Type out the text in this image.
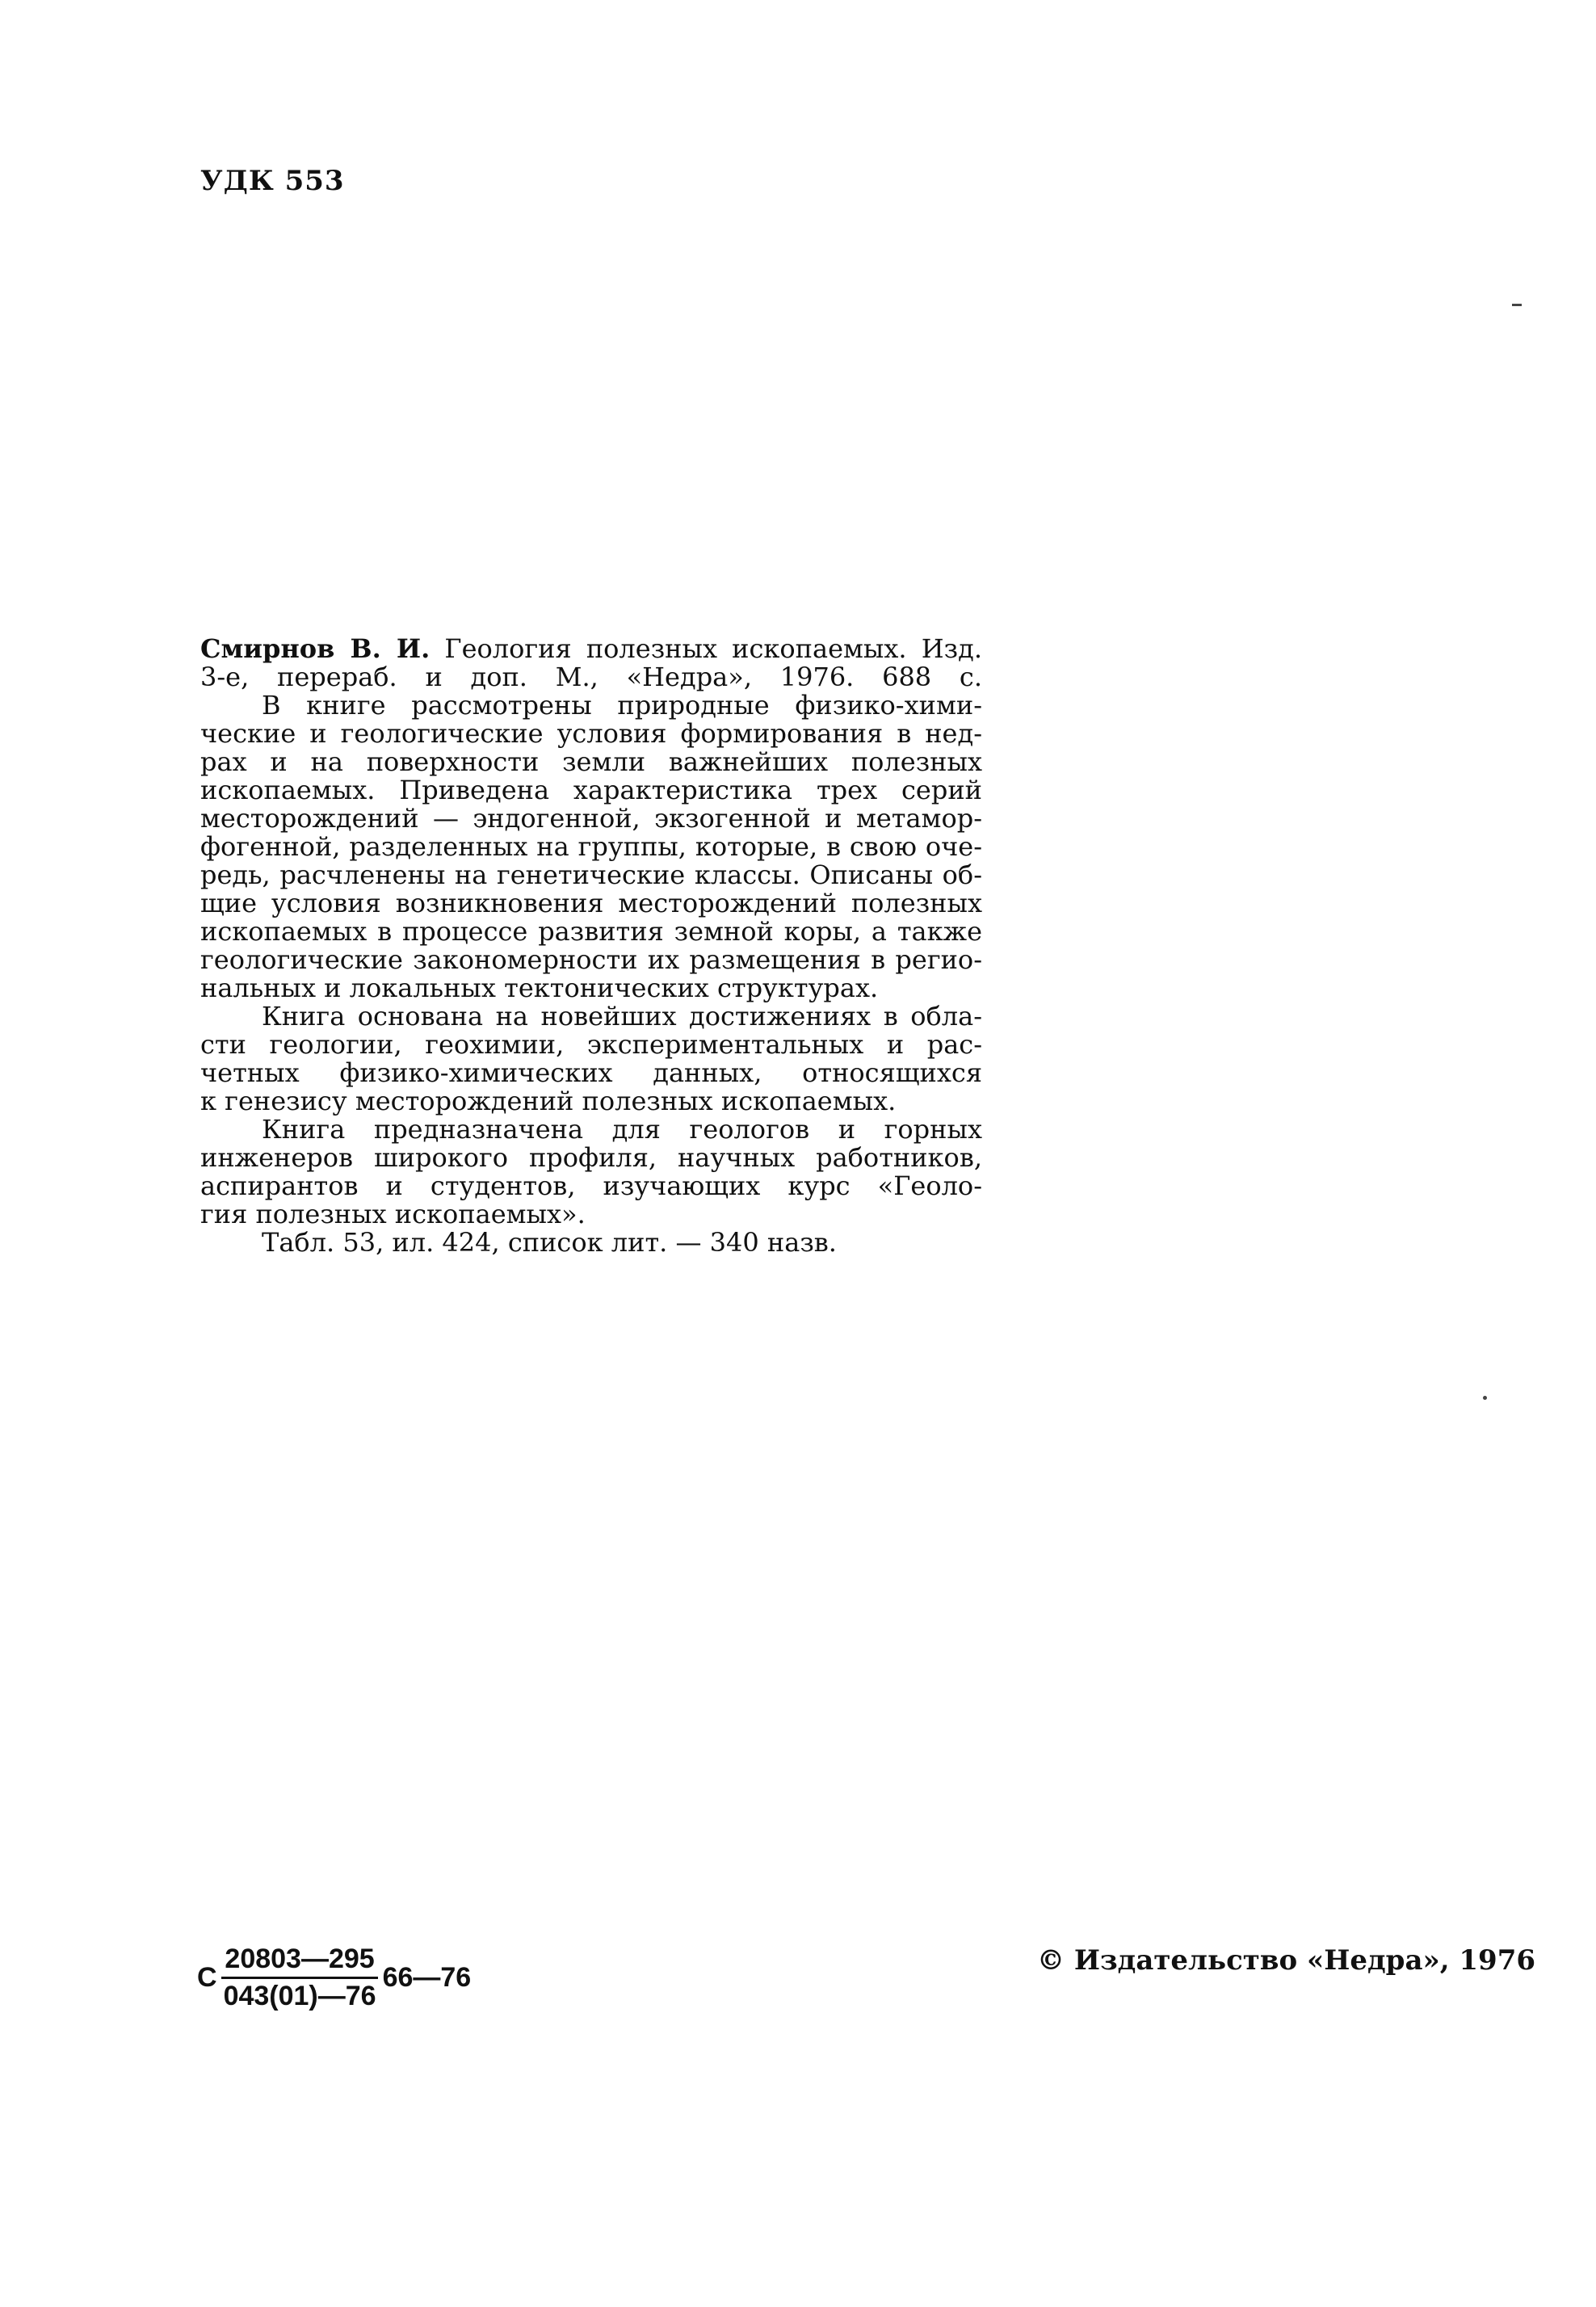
УДК 553
Смирнов В. И. Геология полезных ископаемых. Изд.
3-е, перераб. и доп. М., «Недра», 1976. 688 с.
В книге рассмотрены природные физико-хими-
ческие и геологические условия формирования в нед-
рах и на поверхности земли важнейших полезных
ископаемых. Приведена характеристика трех серий
месторождений — эндогенной, экзогенной и метамор-
фогенной, разделенных на группы, которые, в свою оче-
редь, расчленены на генетические классы. Описаны об-
щие условия возникновения месторождений полезных
ископаемых в процессе развития земной коры, а также
геологические закономерности их размещения в регио-
нальных и локальных тектонических структурах.
Книга основана на новейших достижениях в обла-
сти геологии, геохимии, экспериментальных и рас-
четных физико-химических данных, относящихся
к генезису месторождений полезных ископаемых.
Книга предназначена для геологов и горных
инженеров широкого профиля, научных работников,
аспирантов и студентов, изучающих курс «Геоло-
гия полезных ископаемых».
Табл. 53, ил. 424, список лит. — 340 назв.
С $\frac{20803—295}{043(01)—76}$ 66—76
© Издательство «Недра», 1976
